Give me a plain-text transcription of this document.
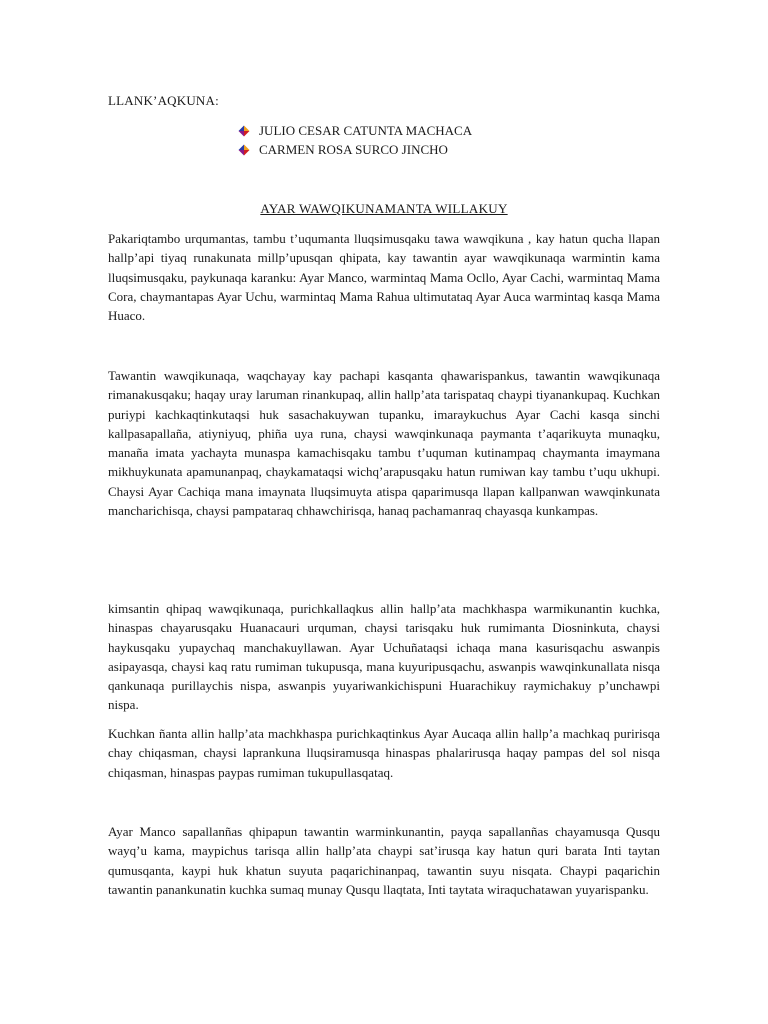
LLANK’AQKUNA:
JULIO CESAR CATUNTA MACHACA
CARMEN ROSA SURCO JINCHO
AYAR WAWQIKUNAMANTA WILLAKUY

Pakariqtambo urqumantas, tambu t’uqumanta lluqsimusqaku tawa wawqikuna , kay hatun qucha llapan hallp’api tiyaq runakunata millp’upusqan qhipata, kay tawantin ayar wawqikunaqa warmintin kama lluqsimusqaku, paykunaqa karanku: Ayar Manco, warmintaq Mama Ocllo, Ayar Cachi, warmintaq Mama Cora, chaymantapas Ayar Uchu, warmintaq Mama Rahua ultimutataq Ayar Auca warmintaq kasqa Mama Huaco.

Tawantin wawqikunaqa, waqchayay kay pachapi kasqanta qhawarispankus, tawantin wawqikunaqa rimanakusqaku; haqay uray laruman rinankupaq, allin hallp’ata tarispataq chaypi tiyanankupaq. Kuchkan puriypi kachkaqtinkutaqsi huk sasachakuywan tupanku, imaraykuchus Ayar Cachi kasqa sinchi kallpasapallaña, atiyniyuq, phiña uya runa, chaysi wawqinkunaqa paymanta t’aqarikuyta munaqku, manaña imata yachayta munaspa kamachisqaku tambu t’uquman kutinampaq chaymanta imaymana mikhuykunata apamunanpaq, chaykamataqsi wichq’arapusqaku hatun rumiwan kay tambu t’uqu ukhupi. Chaysi Ayar Cachiqa mana imaynata lluqsimuyta atispa qaparimusqa llapan kallpanwan wawqinkunata mancharichisqa, chaysi pampataraq chhawchirisqa, hanaq pachamanraq chayasqa kunkampas.

kimsantin qhipaq wawqikunaqa, purichkallaqkus allin hallp’ata machkhaspa warmikunantin kuchka, hinaspas chayarusqaku Huanacauri urquman, chaysi tarisqaku huk rumimanta Diosninkuta, chaysi haykusqaku yupaychaq manchakuyllawan. Ayar Uchuñataqsi ichaqa mana kasurisqachu aswanpis asipayasqa, chaysi kaq ratu rumiman tukupusqa, mana kuyuripusqachu, aswanpis wawqinkunallata nisqa qankunaqa purillaychis nispa, aswanpis yuyariwankichispuni Huarachikuy raymichakuy p’unchawpi nispa.

Kuchkan ñanta allin hallp’ata machkhaspa purichkaqtinkus Ayar Aucaqa allin hallp’a machkaq puririsqa chay chiqasman, chaysi laprankuna lluqsiramusqa hinaspas phalarirusqa haqay pampas del sol nisqa chiqasman, hinaspas paypas rumiman tukupullasqataq.

Ayar Manco sapallanñas qhipapun tawantin warminkunantin, payqa sapallanñas chayamusqa Qusqu wayq’u kama, maypichus tarisqa allin hallp’ata chaypi sat’irusqa kay hatun quri barata Inti taytan qumusqanta, kaypi huk khatun suyuta paqarichinanpaq, tawantin suyu nisqata. Chaypi paqarichin tawantin panankunatin kuchka sumaq munay Qusqu llaqtata, Inti taytata wiraquchatawan yuyarispanku.
